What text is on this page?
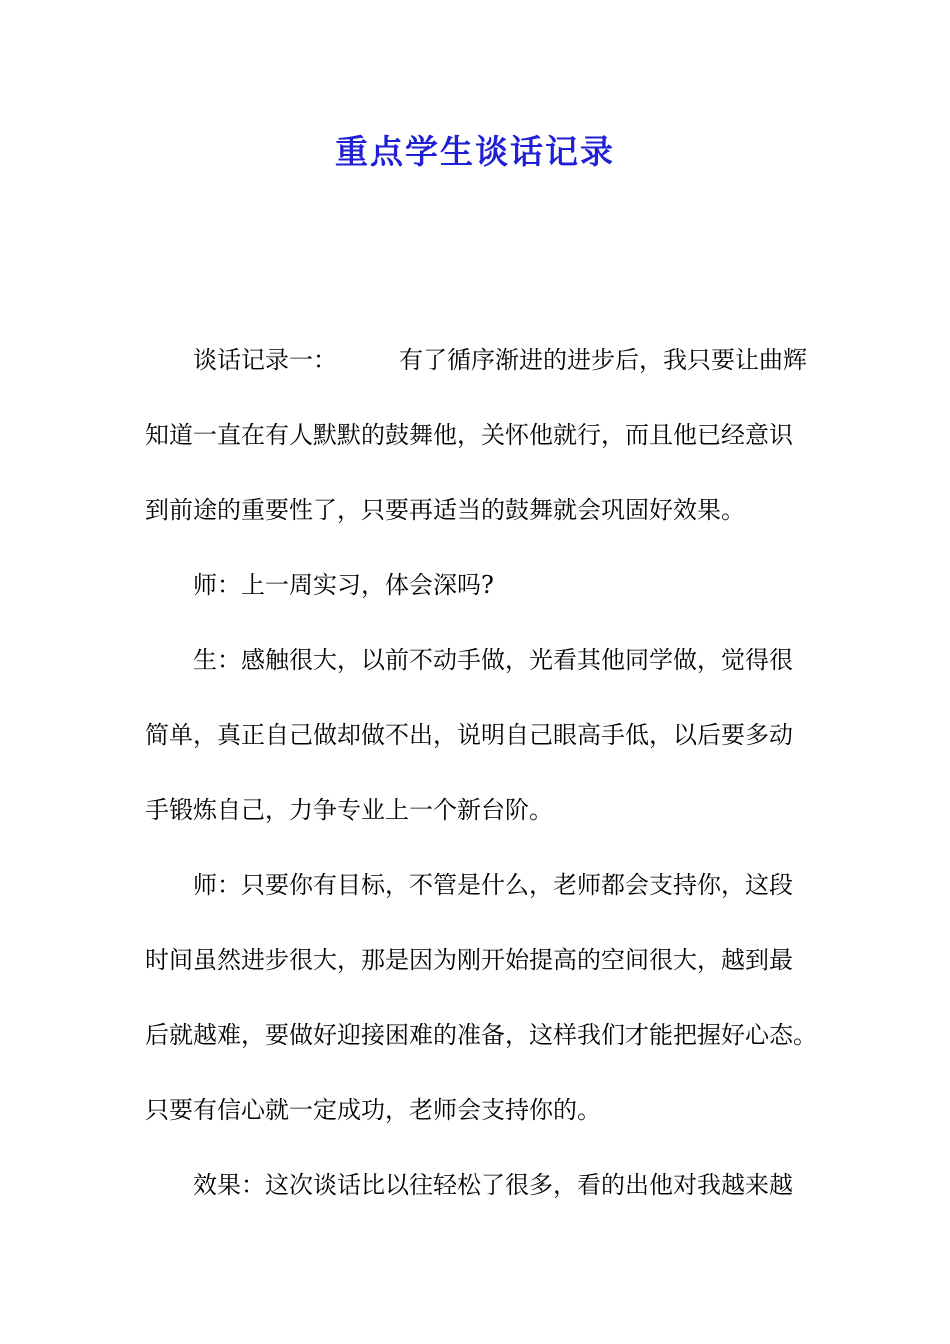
重点学生谈话记录
谈话记录一：	有了循序渐进的进步后，我只要让曲辉
知道一直在有人默默的鼓舞他，关怀他就行，而且他已经意识
到前途的重要性了，只要再适当的鼓舞就会巩固好效果。
师：上一周实习，体会深吗?
生：感触很大，以前不动手做，光看其他同学做，觉得很
简单，真正自己做却做不出，说明自己眼高手低，以后要多动
手锻炼自己，力争专业上一个新台阶。
师：只要你有目标，不管是什么，老师都会支持你，这段
时间虽然进步很大，那是因为刚开始提高的空间很大，越到最
后就越难，要做好迎接困难的准备，这样我们才能把握好心态。
只要有信心就一定成功，老师会支持你的。
效果：这次谈话比以往轻松了很多，看的出他对我越来越
